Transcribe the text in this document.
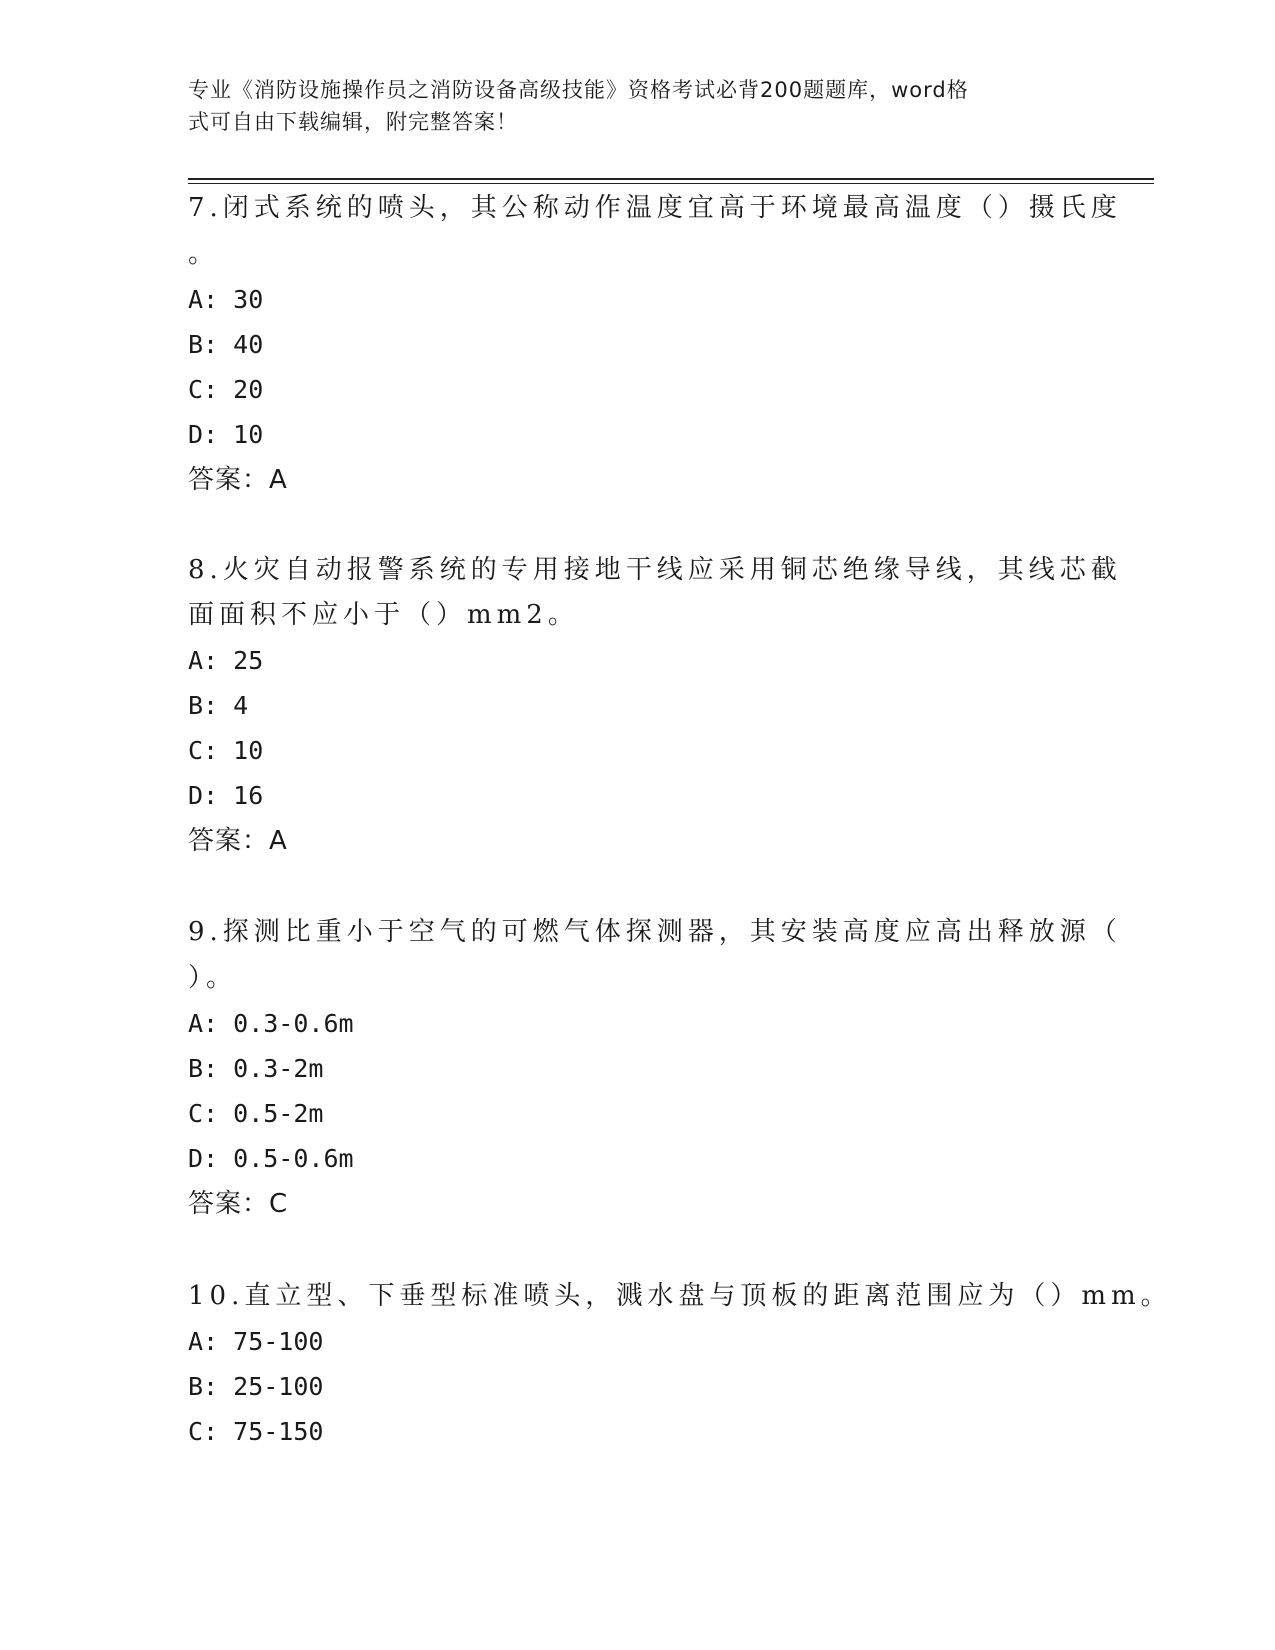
专业《消防设施操作员之消防设备高级技能》资格考试必背200题题库，word格
式可自由下载编辑，附完整答案！
7.闭式系统的喷头，其公称动作温度宜高于环境最高温度（）摄氏度
。
A: 30
B: 40
C: 20
D: 10
答案：A
8.火灾自动报警系统的专用接地干线应采用铜芯绝缘导线，其线芯截
面面积不应小于（）mm2。
A: 25
B: 4
C: 10
D: 16
答案：A
9.探测比重小于空气的可燃气体探测器，其安装高度应高出释放源（
）。
A: 0.3-0.6m
B: 0.3-2m
C: 0.5-2m
D: 0.5-0.6m
答案：C
10.直立型、下垂型标准喷头，溅水盘与顶板的距离范围应为（）mm。
A: 75-100
B: 25-100
C: 75-150
